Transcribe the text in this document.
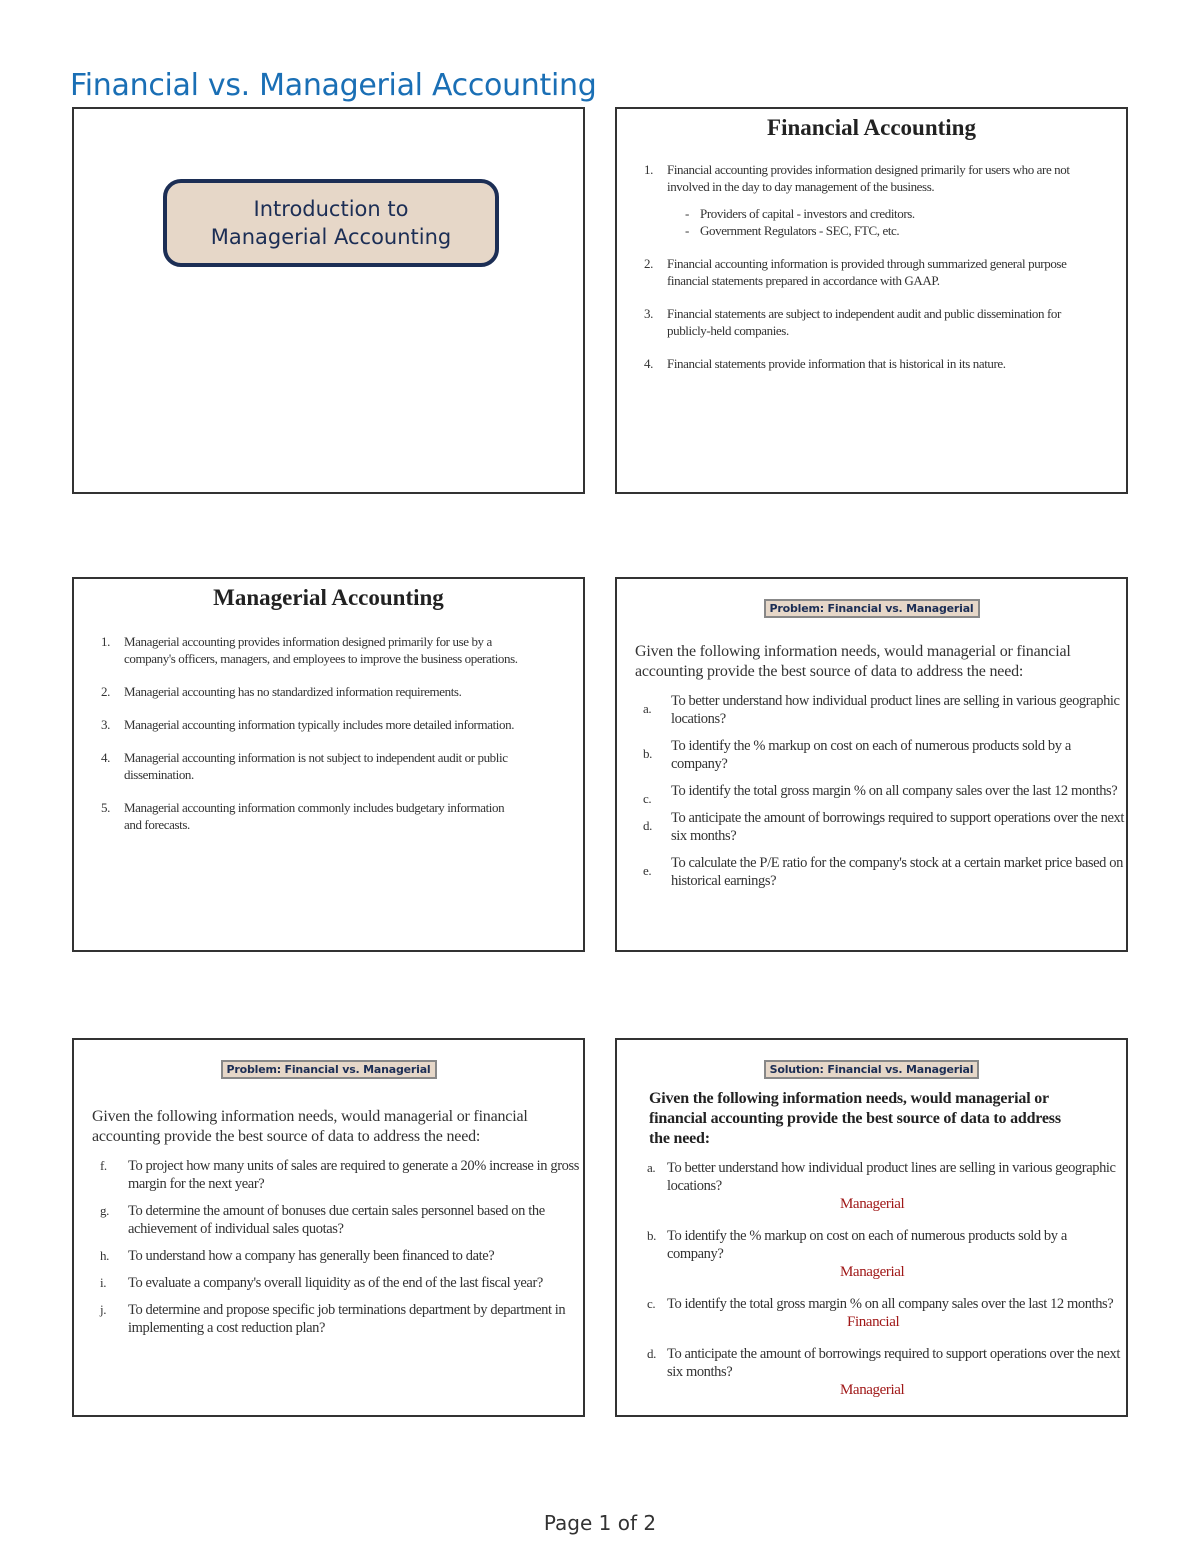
Financial vs. Managerial Accounting
Introduction to
Managerial Accounting
Financial Accounting
1. Financial accounting provides information designed primarily for users who are not involved in the day to day management of the business.
- Providers of capital - investors and creditors.
- Government Regulators - SEC, FTC, etc.
2. Financial accounting information is provided through summarized general purpose financial statements prepared in accordance with GAAP.
3. Financial statements are subject to independent audit and public dissemination for publicly-held companies.
4. Financial statements provide information that is historical in its nature.
Managerial Accounting
1. Managerial accounting provides information designed primarily for use by a company's officers, managers, and employees to improve the business operations.
2. Managerial accounting has no standardized information requirements.
3. Managerial accounting information typically includes more detailed information.
4. Managerial accounting information is not subject to independent audit or public dissemination.
5. Managerial accounting information commonly includes budgetary information and forecasts.
Problem: Financial vs. Managerial

Given the following information needs, would managerial or financial accounting provide the best source of data to address the need:

a. To better understand how individual product lines are selling in various geographic locations?
b. To identify the % markup on cost on each of numerous products sold by a company?
c. To identify the total gross margin % on all company sales over the last 12 months?
d. To anticipate the amount of borrowings required to support operations over the next six months?
e. To calculate the P/E ratio for the company's stock at a certain market price based on historical earnings?
Problem: Financial vs. Managerial

Given the following information needs, would managerial or financial accounting provide the best source of data to address the need:

f. To project how many units of sales are required to generate a 20% increase in gross margin for the next year?
g. To determine the amount of bonuses due certain sales personnel based on the achievement of individual sales quotas?
h. To understand how a company has generally been financed to date?
i. To evaluate a company's overall liquidity as of the end of the last fiscal year?
j. To determine and propose specific job terminations department by department in implementing a cost reduction plan?
Solution: Financial vs. Managerial

Given the following information needs, would managerial or financial accounting provide the best source of data to address the need:

a. To better understand how individual product lines are selling in various geographic locations?
Managerial
b. To identify the % markup on cost on each of numerous products sold by a company?
Managerial
c. To identify the total gross margin % on all company sales over the last 12 months?
Financial
d. To anticipate the amount of borrowings required to support operations over the next six months?
Managerial
Page 1 of 2
